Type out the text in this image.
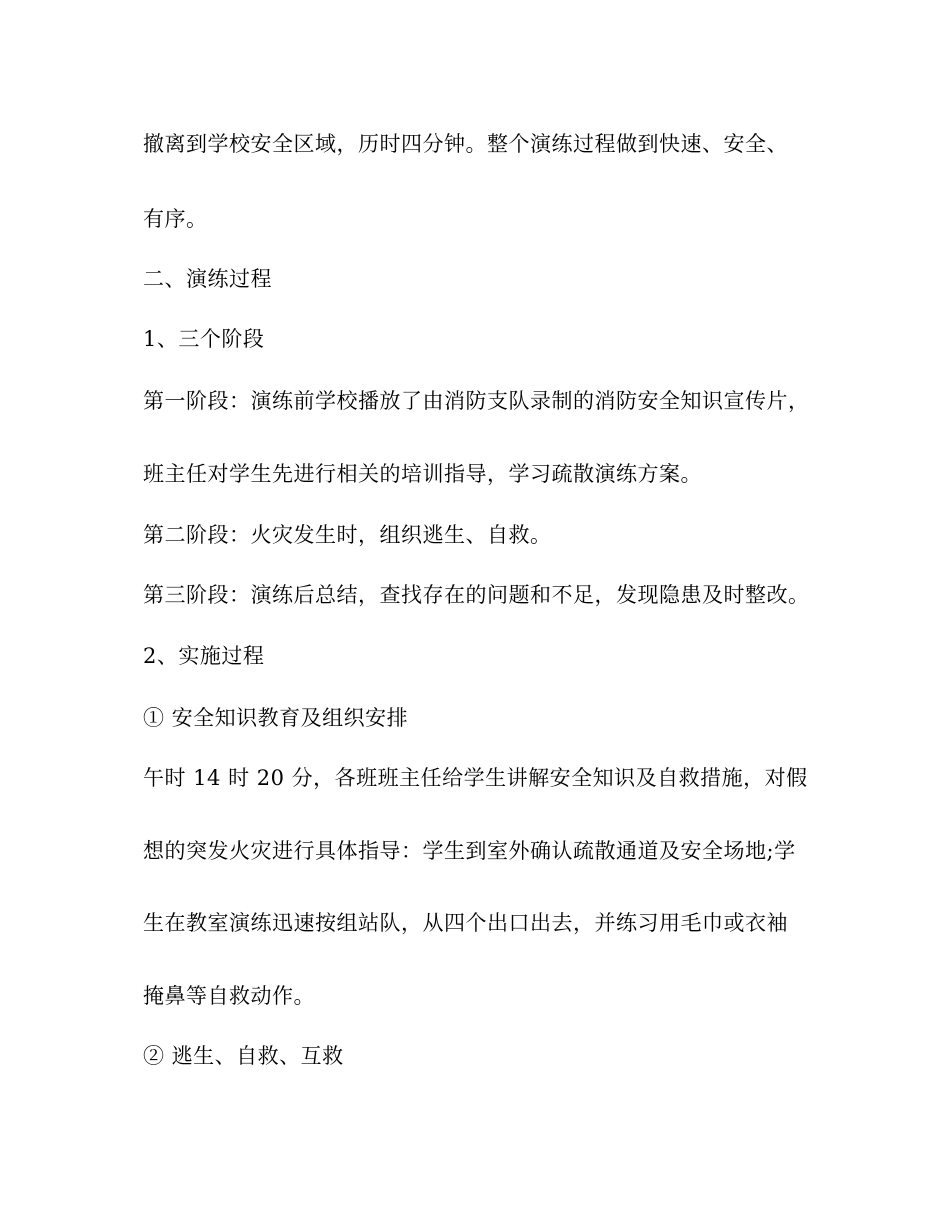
撤离到学校安全区域，历时四分钟。整个演练过程做到快速、安全、
有序。
二、演练过程
1、三个阶段
第一阶段：演练前学校播放了由消防支队录制的消防安全知识宣传片，
班主任对学生先进行相关的培训指导，学习疏散演练方案。
第二阶段：火灾发生时，组织逃生、自救。
第三阶段：演练后总结，查找存在的问题和不足，发现隐患及时整改。
2、实施过程
① 安全知识教育及组织安排
午时 14 时 20 分，各班班主任给学生讲解安全知识及自救措施，对假
想的突发火灾进行具体指导：学生到室外确认疏散通道及安全场地;学
生在教室演练迅速按组站队，从四个出口出去，并练习用毛巾或衣袖
掩鼻等自救动作。
② 逃生、自救、互救
